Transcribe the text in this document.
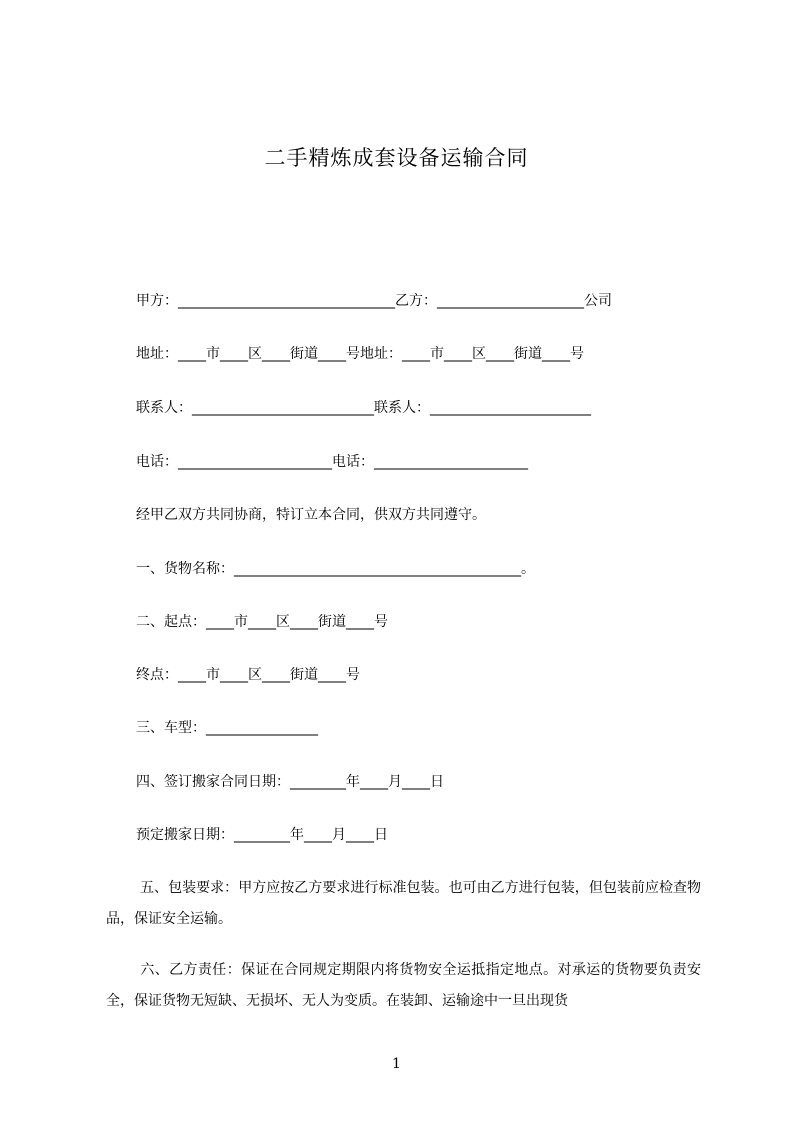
二手精炼成套设备运输合同
甲方：_______________________________乙方：_____________________公司
地址：____市____区____街道____号地址：____市____区____街道____号
联系人：__________________________联系人：_______________________
电话：______________________电话：______________________
经甲乙双方共同协商，特订立本合同，供双方共同遵守。
一、货物名称：_________________________________________。
二、起点：____市____区____街道____号
终点：____市____区____街道____号
三、车型：________________
四、签订搬家合同日期：________年____月____日
预定搬家日期：________年____月____日
五、包装要求：甲方应按乙方要求进行标准包装。也可由乙方进行包装，但包装前应检查物品，保证安全运输。
六、乙方责任：保证在合同规定期限内将货物安全运抵指定地点。对承运的货物要负责安全，保证货物无短缺、无损坏、无人为变质。在装卸、运输途中一旦出现货
1
